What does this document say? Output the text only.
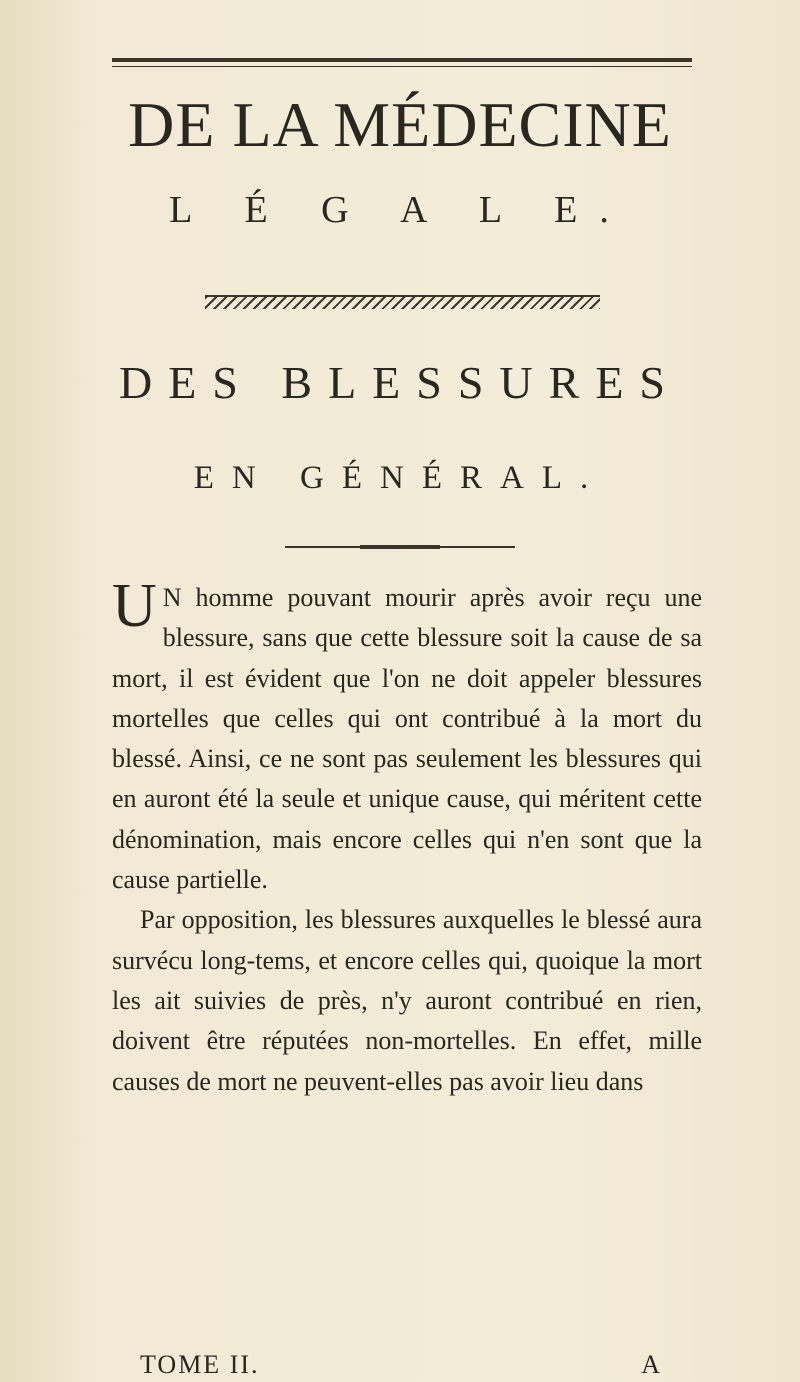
DE LA MÉDECINE
L É G A L E.
DES BLESSURES
EN GÉNÉRAL.

U N homme pouvant mourir après avoir reçu une blessure, sans que cette blessure soit la cause de sa mort, il est évident que l'on ne doit appeler blessures mortelles que celles qui ont contribué à la mort du blessé. Ainsi, ce ne sont pas seulement les blessures qui en auront été la seule et unique cause, qui méritent cette dénomination, mais encore celles qui n'en sont que la cause partielle.

Par opposition, les blessures auxquelles le blessé aura survécu long-tems, et encore celles qui, quoique la mort les ait suivies de près, n'y auront contribué en rien, doivent être réputées non-mortelles. En effet, mille causes de mort ne peuvent-elles pas avoir lieu dans

TOME II.	A
